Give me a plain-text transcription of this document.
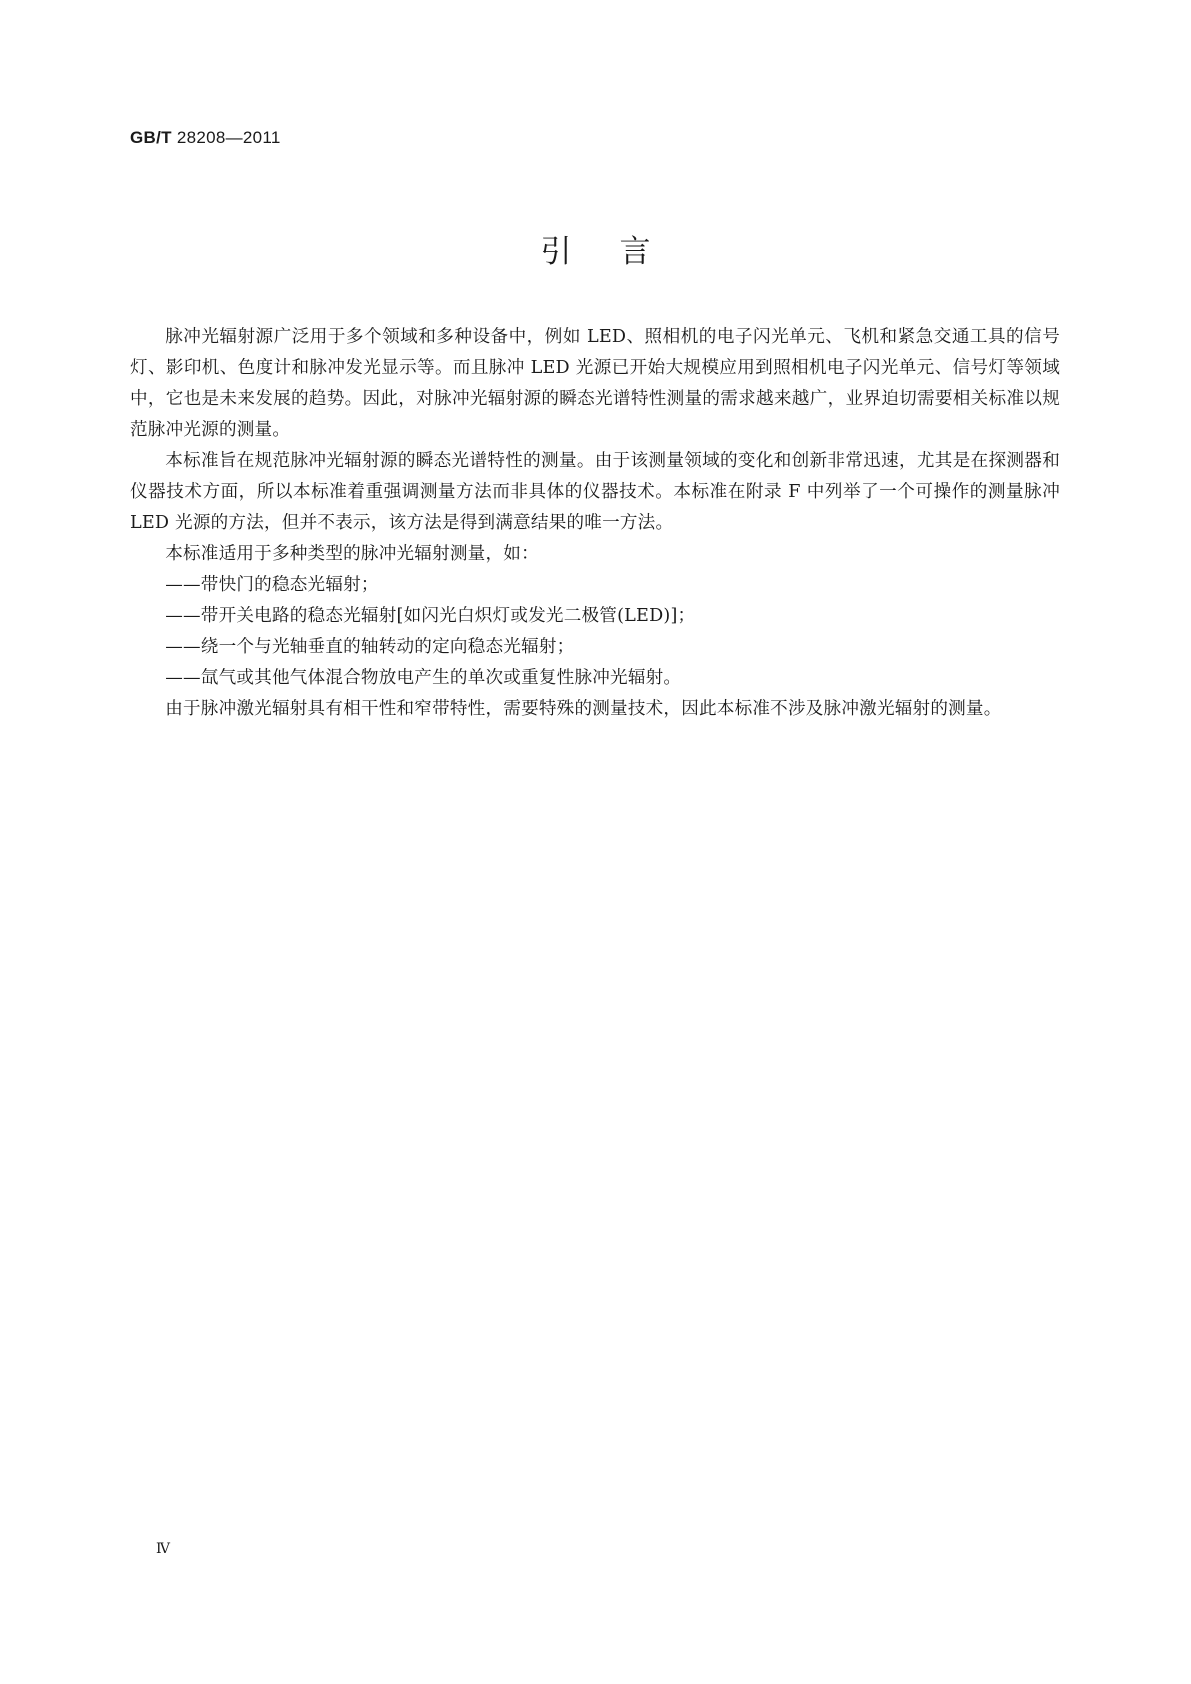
GB/T 28208—2011
引言

脉冲光辐射源广泛用于多个领域和多种设备中，例如 LED、照相机的电子闪光单元、飞机和紧急交通工具的信号灯、影印机、色度计和脉冲发光显示等。而且脉冲 LED 光源已开始大规模应用到照相机电子闪光单元、信号灯等领域中，它也是未来发展的趋势。因此，对脉冲光辐射源的瞬态光谱特性测量的需求越来越广，业界迫切需要相关标准以规范脉冲光源的测量。

本标准旨在规范脉冲光辐射源的瞬态光谱特性的测量。由于该测量领域的变化和创新非常迅速，尤其是在探测器和仪器技术方面，所以本标准着重强调测量方法而非具体的仪器技术。本标准在附录 F 中列举了一个可操作的测量脉冲 LED 光源的方法，但并不表示，该方法是得到满意结果的唯一方法。

本标准适用于多种类型的脉冲光辐射测量，如：

——带快门的稳态光辐射；

——带开关电路的稳态光辐射[如闪光白炽灯或发光二极管(LED)]；

——绕一个与光轴垂直的轴转动的定向稳态光辐射；

——氙气或其他气体混合物放电产生的单次或重复性脉冲光辐射。

由于脉冲激光辐射具有相干性和窄带特性，需要特殊的测量技术，因此本标准不涉及脉冲激光辐射的测量。

Ⅳ
